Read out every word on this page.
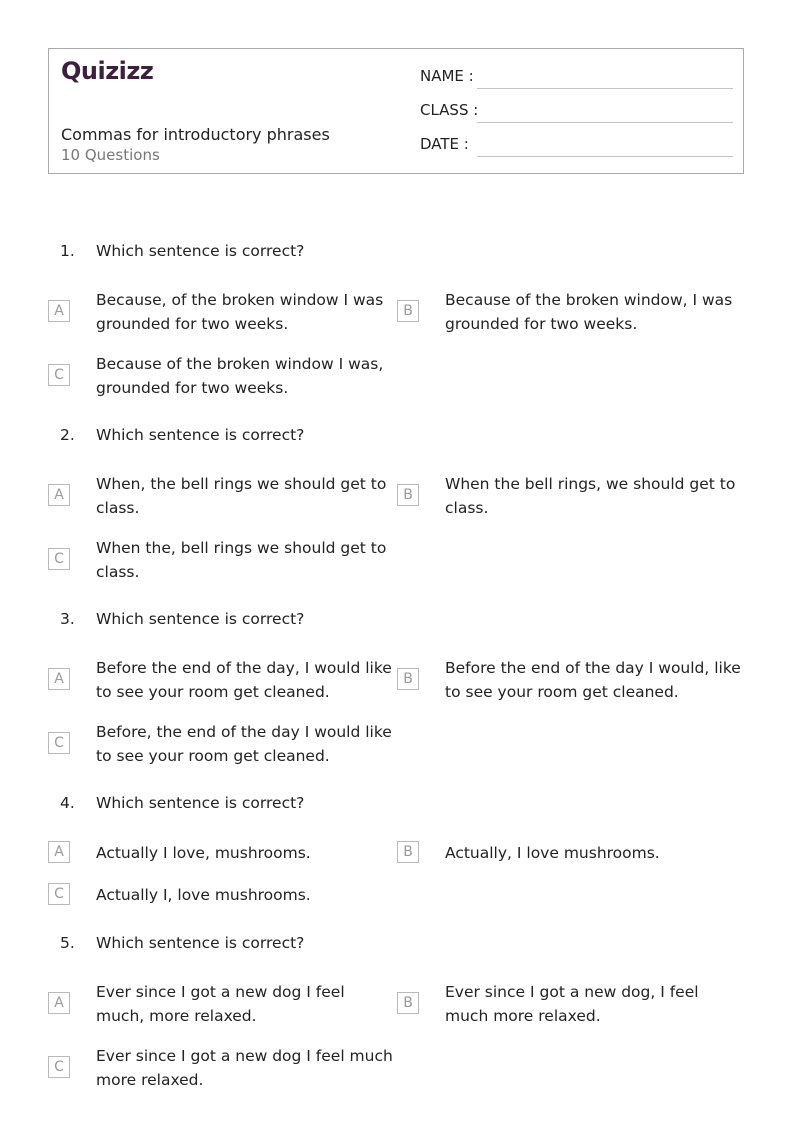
Quizizz
Commas for introductory phrases
10 Questions
NAME :
CLASS :
DATE :
1. Which sentence is correct?
A
Because, of the broken window I was grounded for two weeks.
B
Because of the broken window, I was grounded for two weeks.
C
Because of the broken window I was, grounded for two weeks.
2. Which sentence is correct?
A
When, the bell rings we should get to class.
B
When the bell rings, we should get to class.
C
When the, bell rings we should get to class.
3. Which sentence is correct?
A
Before the end of the day, I would like to see your room get cleaned.
B
Before the end of the day I would, like to see your room get cleaned.
C
Before, the end of the day I would like to see your room get cleaned.
4. Which sentence is correct?
A	Actually I love, mushrooms.	B	Actually, I love mushrooms.
C	Actually I, love mushrooms.
5. Which sentence is correct?
A
Ever since I got a new dog I feel much, more relaxed.
B
Ever since I got a new dog, I feel much more relaxed.
C
Ever since I got a new dog I feel much more relaxed.
